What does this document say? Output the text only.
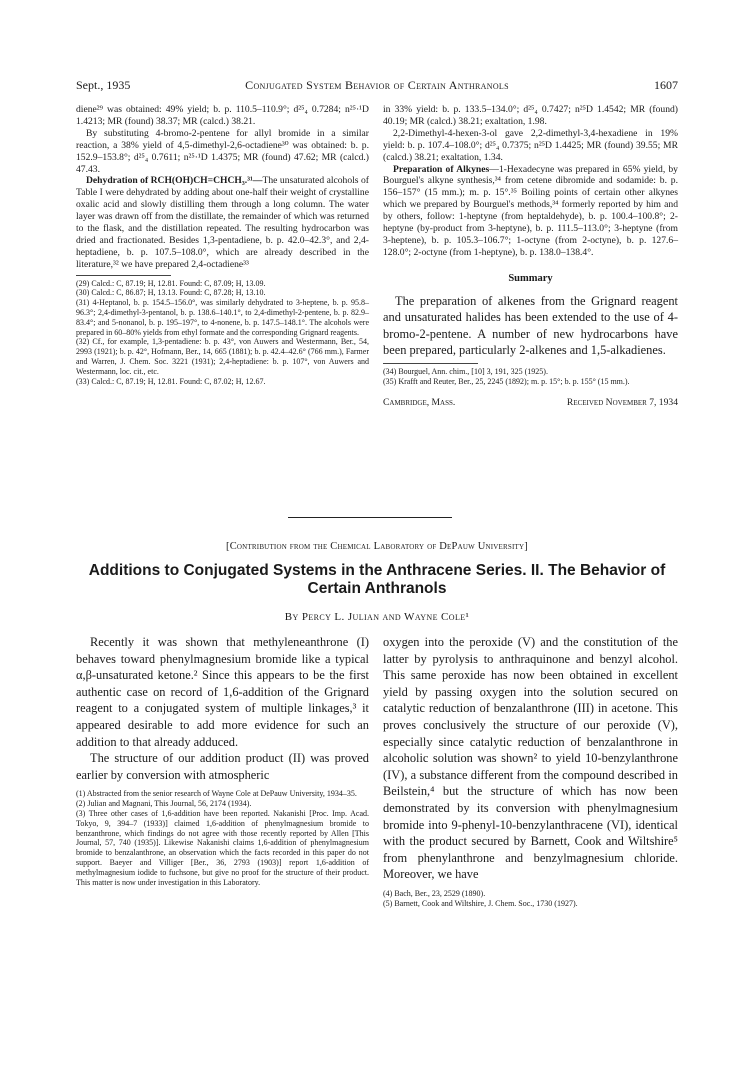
Sept., 1935	Conjugated System Behavior of Certain Anthranols	1607

diene²⁹ was obtained: 49% yield; b. p. 110.5–110.9°; d²⁵₄ 0.7284; n²⁵·¹D 1.4213; MR (found) 38.37; MR (calcd.) 38.21.

By substituting 4-bromo-2-pentene for allyl bromide in a similar reaction, a 38% yield of 4,5-dimethyl-2,6-octadiene³⁰ was obtained: b. p. 152.9–153.8°; d²⁵₄ 0.7611; n²⁵·¹D 1.4375; MR (found) 47.62; MR (calcd.) 47.43.

Dehydration of RCH(OH)CH=CHCH₃.³¹—The unsaturated alcohols of Table I were dehydrated by adding about one-half their weight of crystalline oxalic acid and slowly distilling them through a long column. The water layer was drawn off from the distillate, the remainder of which was returned to the flask, and the distillation repeated. The resulting hydrocarbon was dried and fractionated. Besides 1,3-pentadiene, b. p. 42.0–42.3°, and 2,4-heptadiene, b. p. 107.5–108.0°, which are already described in the literature,³² we have prepared 2,4-octadiene³³

(29) Calcd.: C, 87.19; H, 12.81. Found: C, 87.09; H, 13.09.

(30) Calcd.: C, 86.87; H, 13.13. Found: C, 87.28; H, 13.10.

(31) 4-Heptanol, b. p. 154.5–156.0°, was similarly dehydrated to 3-heptene, b. p. 95.8–96.3°; 2,4-dimethyl-3-pentanol, b. p. 138.6–140.1°, to 2,4-dimethyl-2-pentene, b. p. 82.9–83.4°; and 5-nonanol, b. p. 195–197°, to 4-nonene, b. p. 147.5–148.1°. The alcohols were prepared in 60–80% yields from ethyl formate and the corresponding Grignard reagents.

(32) Cf., for example, 1,3-pentadiene: b. p. 43°, von Auwers and Westermann, Ber., 54, 2993 (1921); b. p. 42°, Hofmann, Ber., 14, 665 (1881); b. p. 42.4–42.6° (766 mm.), Farmer and Warren, J. Chem. Soc. 3221 (1931); 2,4-heptadiene: b. p. 107°, von Auwers and Westermann, loc. cit., etc.

(33) Calcd.: C, 87.19; H, 12.81. Found: C, 87.02; H, 12.67.

in 33% yield: b. p. 133.5–134.0°; d²⁵₄ 0.7427; n²⁵D 1.4542; MR (found) 40.19; MR (calcd.) 38.21; exaltation, 1.98.

2,2-Dimethyl-4-hexen-3-ol gave 2,2-dimethyl-3,4-hexadiene in 19% yield: b. p. 107.4–108.0°; d²⁵₄ 0.7375; n²⁵D 1.4425; MR (found) 39.55; MR (calcd.) 38.21; exaltation, 1.34.

Preparation of Alkynes—1-Hexadecyne was prepared in 65% yield, by Bourguel's alkyne synthesis,³⁴ from cetene dibromide and sodamide: b. p. 156–157° (15 mm.); m. p. 15°.³⁵ Boiling points of certain other alkynes which we prepared by Bourguel's methods,³⁴ formerly reported by him and by others, follow: 1-heptyne (from heptaldehyde), b. p. 100.4–100.8°; 2-heptyne (by-product from 3-heptyne), b. p. 111.5–113.0°; 3-heptyne (from 3-heptene), b. p. 105.3–106.7°; 1-octyne (from 2-octyne), b. p. 127.6–128.0°; 2-octyne (from 1-heptyne), b. p. 138.0–138.4°.

Summary

The preparation of alkenes from the Grignard reagent and unsaturated halides has been extended to the use of 4-bromo-2-pentene. A number of new hydrocarbons have been prepared, particularly 2-alkenes and 1,5-alkadienes.

(34) Bourguel, Ann. chim., [10] 3, 191, 325 (1925).

(35) Krafft and Reuter, Ber., 25, 2245 (1892); m. p. 15°; b. p. 155° (15 mm.).

Cambridge, Mass.	Received November 7, 1934
[Contribution from the Chemical Laboratory of DePauw University]
Additions to Conjugated Systems in the Anthracene Series. II. The Behavior of
Certain Anthranols
By Percy L. Julian and Wayne Cole¹

Recently it was shown that methyleneanthrone (I) behaves toward phenylmagnesium bromide like a typical α,β-unsaturated ketone.² Since this appears to be the first authentic case on record of 1,6-addition of the Grignard reagent to a conjugated system of multiple linkages,³ it appeared desirable to add more evidence for such an addition to that already adduced.

The structure of our addition product (II) was proved earlier by conversion with atmospheric

(1) Abstracted from the senior research of Wayne Cole at DePauw University, 1934–35.

(2) Julian and Magnani, This Journal, 56, 2174 (1934).

(3) Three other cases of 1,6-addition have been reported. Nakanishi [Proc. Imp. Acad. Tokyo, 9, 394–7 (1933)] claimed 1,6-addition of phenylmagnesium bromide to benzanthrone, which findings do not agree with those recently reported by Allen [This Journal, 57, 740 (1935)]. Likewise Nakanishi claims 1,6-addition of phenylmagnesium bromide to benzalanthrone, an observation which the facts recorded in this paper do not support. Baeyer and Villiger [Ber., 36, 2793 (1903)] report 1,6-addition of methylmagnesium iodide to fuchsone, but give no proof for the structure of their product. This matter is now under investigation in this Laboratory.

oxygen into the peroxide (V) and the constitution of the latter by pyrolysis to anthraquinone and benzyl alcohol. This same peroxide has now been obtained in excellent yield by passing oxygen into the solution secured on catalytic reduction of benzalanthrone (III) in acetone. This proves conclusively the structure of our peroxide (V), especially since catalytic reduction of benzalanthrone in alcoholic solution was shown² to yield 10-benzylanthrone (IV), a substance different from the compound described in Beilstein,⁴ but the structure of which has now been demonstrated by its conversion with phenylmagnesium bromide into 9-phenyl-10-benzylanthracene (VI), identical with the product secured by Barnett, Cook and Wiltshire⁵ from phenylanthrone and benzylmagnesium chloride. Moreover, we have

(4) Bach, Ber., 23, 2529 (1890).

(5) Barnett, Cook and Wiltshire, J. Chem. Soc., 1730 (1927).
